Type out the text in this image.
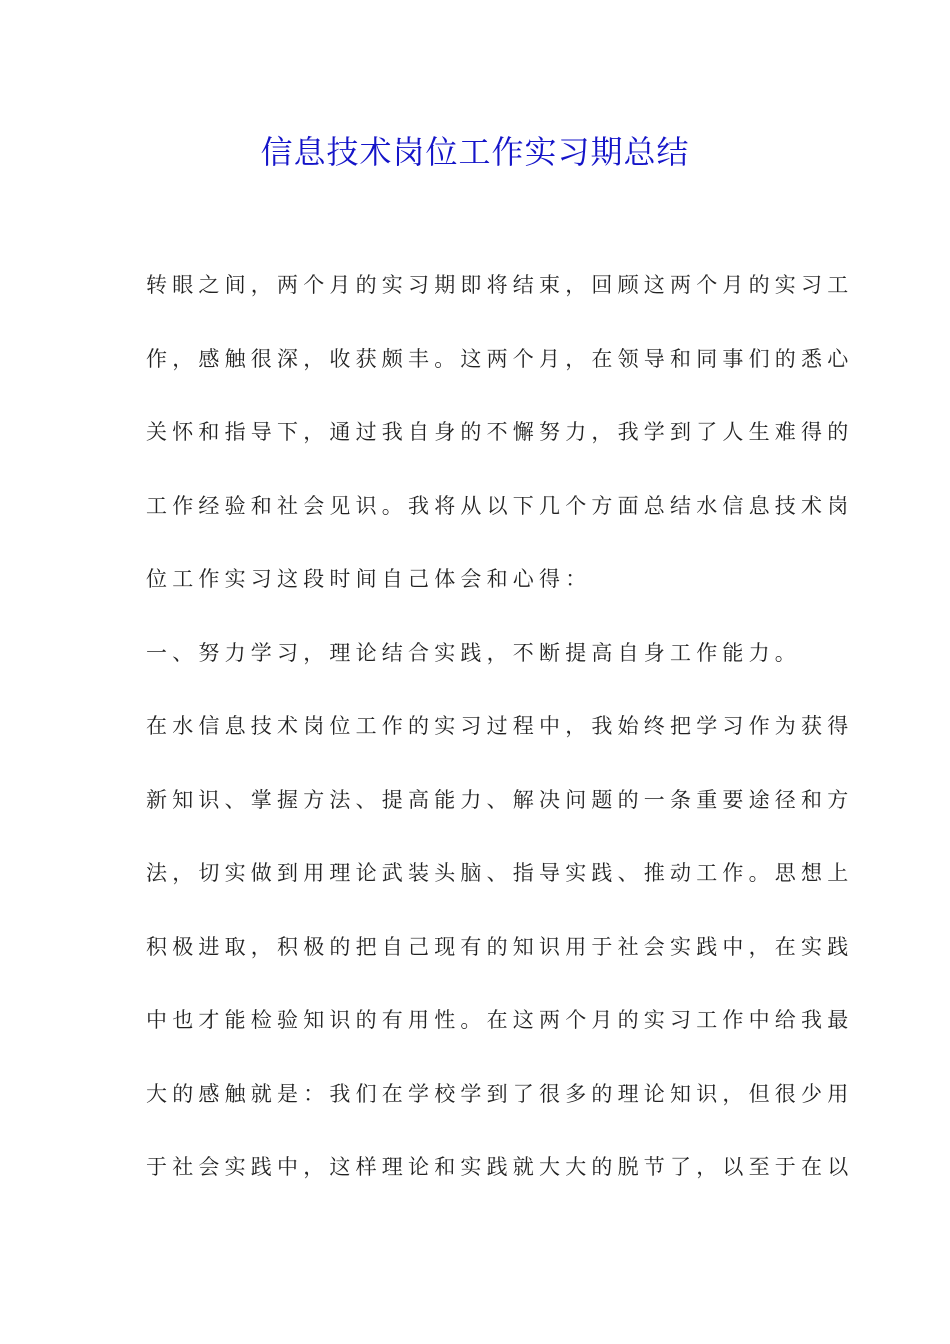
信息技术岗位工作实习期总结
转眼之间，两个月的实习期即将结束，回顾这两个月的实习工
作，感触很深，收获颇丰。这两个月，在领导和同事们的悉心
关怀和指导下，通过我自身的不懈努力，我学到了人生难得的
工作经验和社会见识。我将从以下几个方面总结水信息技术岗
位工作实习这段时间自己体会和心得：
一、努力学习，理论结合实践，不断提高自身工作能力。
在水信息技术岗位工作的实习过程中，我始终把学习作为获得
新知识、掌握方法、提高能力、解决问题的一条重要途径和方
法，切实做到用理论武装头脑、指导实践、推动工作。思想上
积极进取，积极的把自己现有的知识用于社会实践中，在实践
中也才能检验知识的有用性。在这两个月的实习工作中给我最
大的感触就是：我们在学校学到了很多的理论知识，但很少用
于社会实践中，这样理论和实践就大大的脱节了，以至于在以
